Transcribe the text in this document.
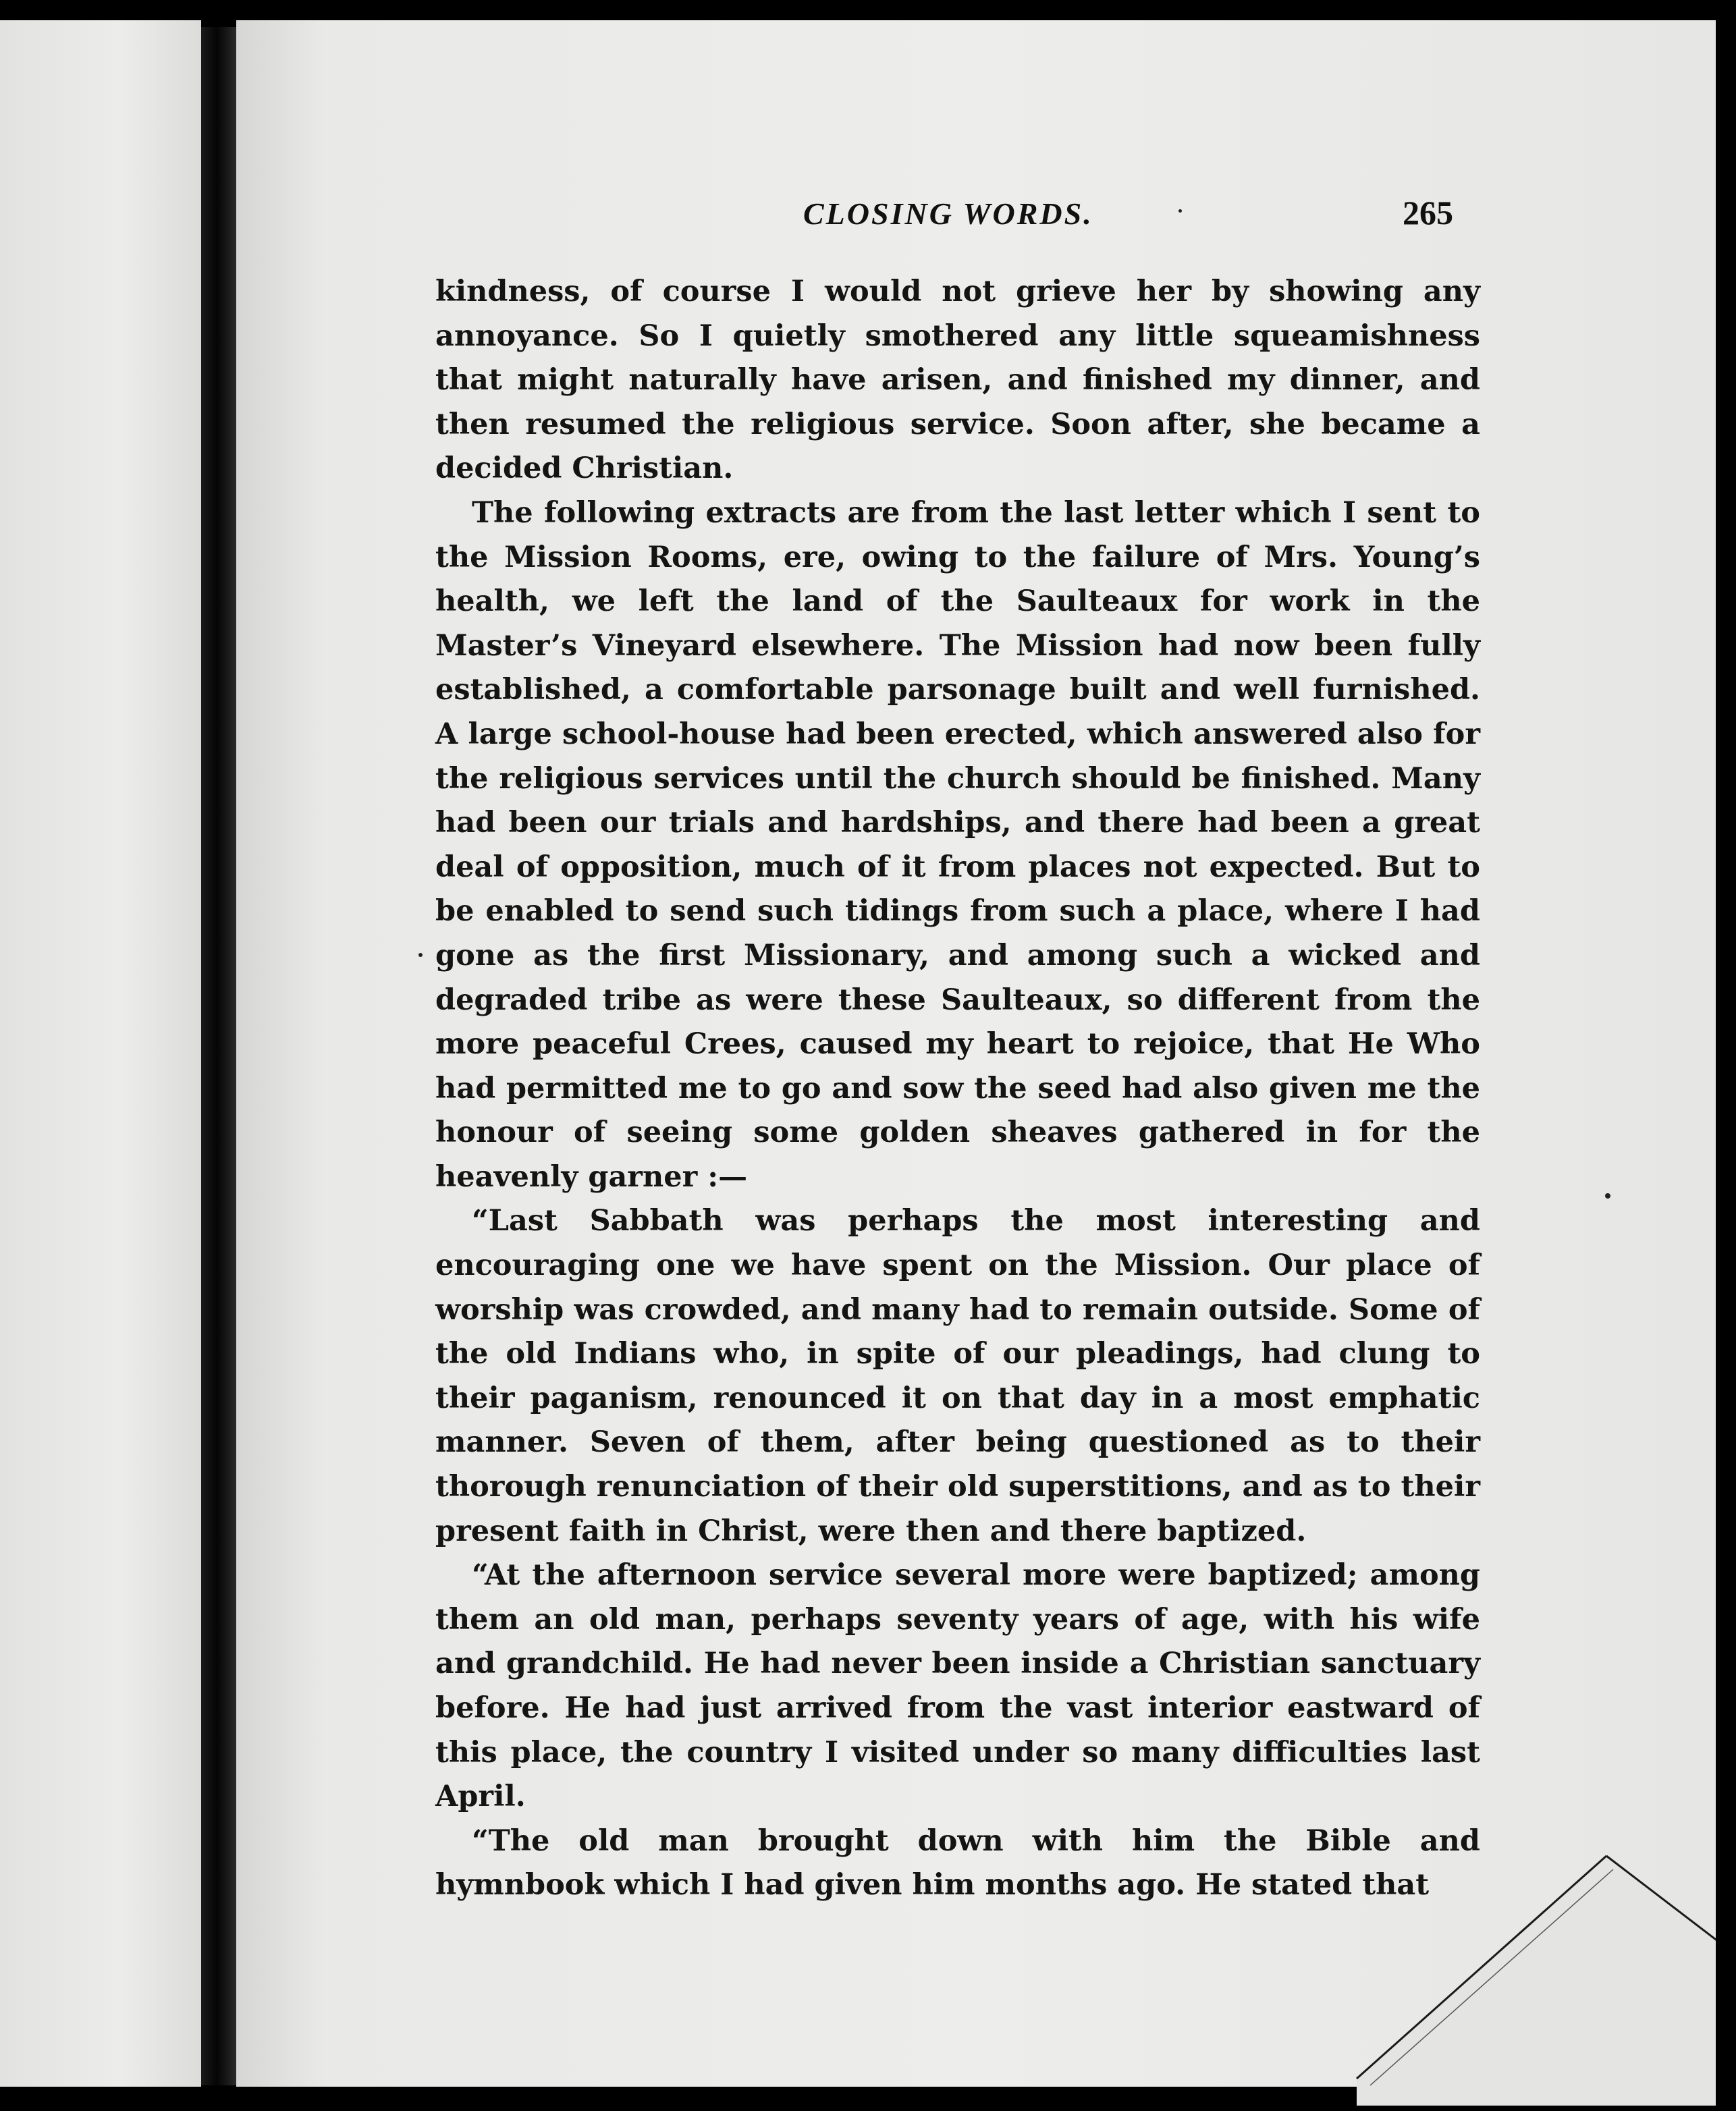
CLOSING WORDS.	265

kindness, of course I would not grieve her by showing any annoyance. So I quietly smothered any little squeamishness that might naturally have arisen, and finished my dinner, and then resumed the religious service. Soon after, she became a decided Christian.

The following extracts are from the last letter which I sent to the Mission Rooms, ere, owing to the failure of Mrs. Young’s health, we left the land of the Saulteaux for work in the Master’s Vineyard elsewhere. The Mission had now been fully established, a comfortable parsonage built and well furnished. A large school-house had been erected, which answered also for the religious services until the church should be finished. Many had been our trials and hardships, and there had been a great deal of opposition, much of it from places not expected. But to be enabled to send such tidings from such a place, where I had gone as the first Missionary, and among such a wicked and degraded tribe as were these Saulteaux, so different from the more peaceful Crees, caused my heart to rejoice, that He Who had permitted me to go and sow the seed had also given me the honour of seeing some golden sheaves gathered in for the heavenly garner :—

“Last Sabbath was perhaps the most interesting and encouraging one we have spent on the Mission. Our place of worship was crowded, and many had to remain outside. Some of the old Indians who, in spite of our pleadings, had clung to their paganism, renounced it on that day in a most emphatic manner. Seven of them, after being questioned as to their thorough renunciation of their old superstitions, and as to their present faith in Christ, were then and there baptized.

“At the afternoon service several more were baptized; among them an old man, perhaps seventy years of age, with his wife and grandchild. He had never been inside a Christian sanctuary before. He had just arrived from the vast interior eastward of this place, the country I visited under so many difficulties last April.

“The old man brought down with him the Bible and hymnbook which I had given him months ago. He stated that
